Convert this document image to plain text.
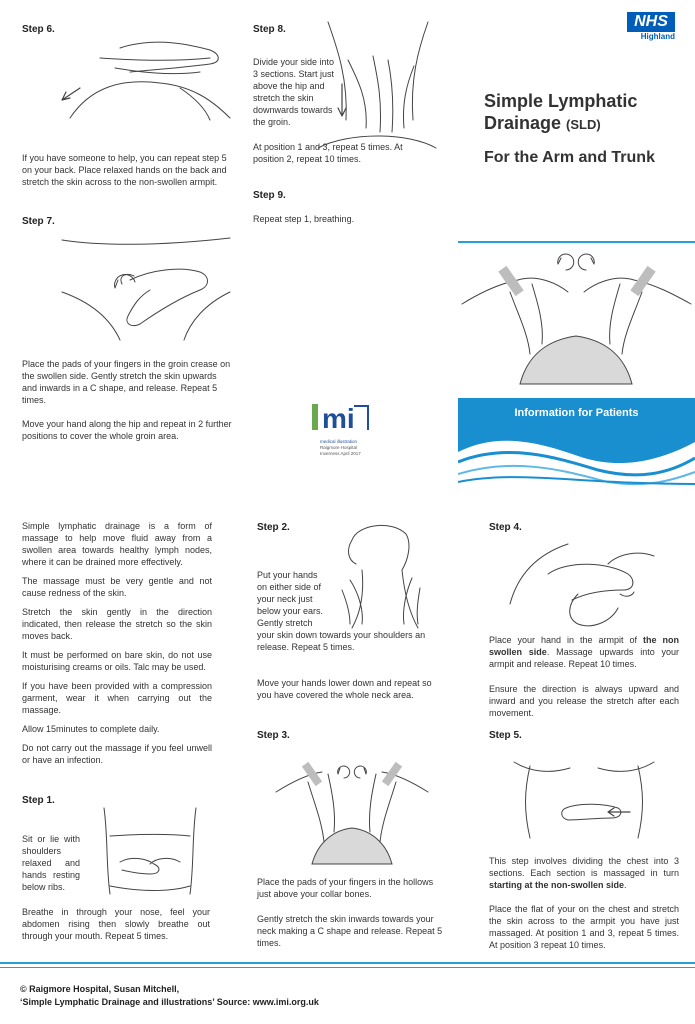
Step 6.
If you have someone to help, you can repeat step 5 on your back. Place relaxed hands on the back and stretch the skin across to the non-swollen armpit.
Step 7.
Place the pads of your fingers in the groin crease on the swollen side. Gently stretch the skin upwards and inwards in a C shape, and release. Repeat 5 times.
Move your hand along the hip and repeat in 2 further positions to cover the whole groin area.
Step 8.
Divide your side into 3 sections. Start just above the hip and stretch the skin downwards towards the groin.
At position 1 and 3, repeat 5 times. At position 2, repeat 10 times.
Step 9.
Repeat step 1, breathing.
mi
medical illustration
Raigmore Hospital
Inverness April 2017
NHS
Highland
Simple Lymphatic
Drainage (SLD)
For the Arm and Trunk
Information for Patients

Simple lymphatic drainage is a form of massage to help move fluid away from a swollen area towards healthy lymph nodes, where it can be drained more effectively.

The massage must be very gentle and not cause redness of the skin.

Stretch the skin gently in the direction indicated, then release the stretch so the skin moves back.

It must be performed on bare skin, do not use moisturising creams or oils. Talc may be used.

If you have been provided with a compression garment, wear it when carrying out the massage.

Allow 15minutes to complete daily.

Do not carry out the massage if you feel unwell or have an infection.

Step 1.
Sit or lie with shoulders relaxed and hands resting below ribs.
Breathe in through your nose, feel your abdomen rising then slowly breathe out through your mouth. Repeat 5 times.
Step 2.
Put your hands on either side of your neck just below your ears. Gently stretch
your skin down towards your shoulders an release. Repeat 5 times.
Move your hands lower down and repeat so you have covered the whole neck area.
Step 3.
Place the pads of your fingers in the hollows just above your collar bones.
Gently stretch the skin inwards towards your neck making a C shape and release. Repeat 5 times.
Step 4.
Place your hand in the armpit of the non swollen side. Massage upwards into your armpit and release. Repeat 10 times.
Ensure the direction is always upward and inward and you release the stretch after each movement.
Step 5.
This step involves dividing the chest into 3 sections. Each section is massaged in turn starting at the non-swollen side.
Place the flat of your on the chest and stretch the skin across to the armpit you have just massaged. At position 1 and 3, repeat 5 times. At position 3 repeat 10 times.
© Raigmore Hospital, Susan Mitchell,
‘Simple Lymphatic Drainage and illustrations’ Source: www.imi.org.uk
